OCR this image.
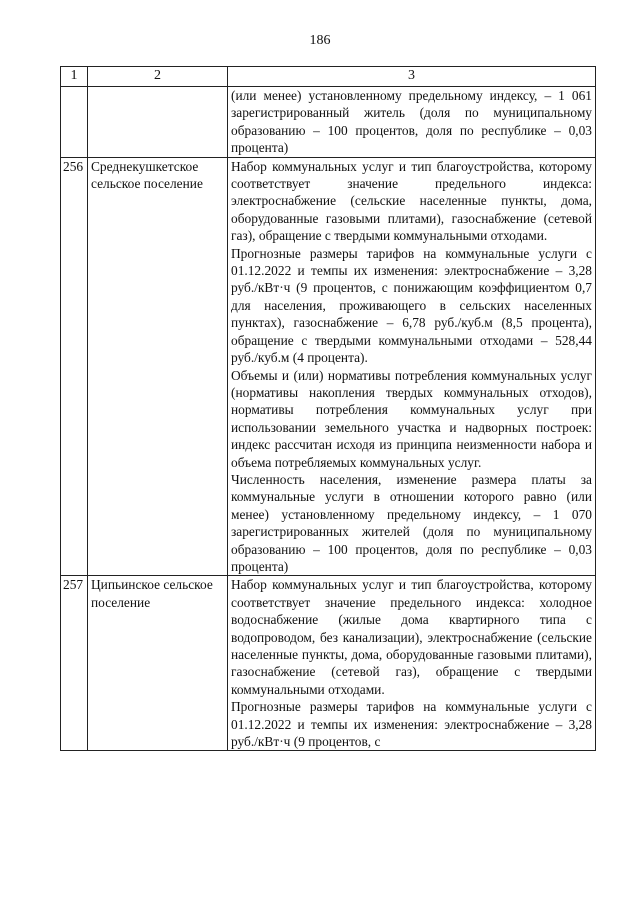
186
1	2	3

		(или менее) установленному предельному индексу, – 1 061 зарегистрированный житель (доля по муниципальному образованию – 100 процентов, доля по республике – 0,03 процента)

256	Среднекушкетское сельское поселение	Набор коммунальных услуг и тип благоустройства, которому соответствует значение предельного индекса: электроснабжение (сельские населенные пункты, дома, оборудованные газовыми плитами), газоснабжение (сетевой газ), обращение с твердыми коммунальными отходами.

Прогнозные размеры тарифов на коммунальные услуги с 01.12.2022 и темпы их изменения: электроснабжение – 3,28 руб./кВт·ч (9 процентов, с понижающим коэффициентом 0,7 для населения, проживающего в сельских населенных пунктах), газоснабжение – 6,78 руб./куб.м (8,5 процента), обращение с твердыми коммунальными отходами – 528,44 руб./куб.м (4 процента).

Объемы и (или) нормативы потребления коммунальных услуг (нормативы накопления твердых коммунальных отходов), нормативы потребления коммунальных услуг при использовании земельного участка и надворных построек: индекс рассчитан исходя из принципа неизменности набора и объема потребляемых коммунальных услуг.

Численность населения, изменение размера платы за коммунальные услуги в отношении которого равно (или менее) установленному предельному индексу, – 1 070 зарегистрированных жителей (доля по муниципальному образованию – 100 процентов, доля по республике – 0,03 процента)

257	Ципьинское сельское поселение	Набор коммунальных услуг и тип благоустройства, которому соответствует значение предельного индекса: холодное водоснабжение (жилые дома квартирного типа с водопроводом, без канализации), электроснабжение (сельские населенные пункты, дома, оборудованные газовыми плитами), газоснабжение (сетевой газ), обращение с твердыми коммунальными отходами.

Прогнозные размеры тарифов на коммунальные услуги с 01.12.2022 и темпы их изменения: электроснабжение – 3,28 руб./кВт·ч (9 процентов, с
